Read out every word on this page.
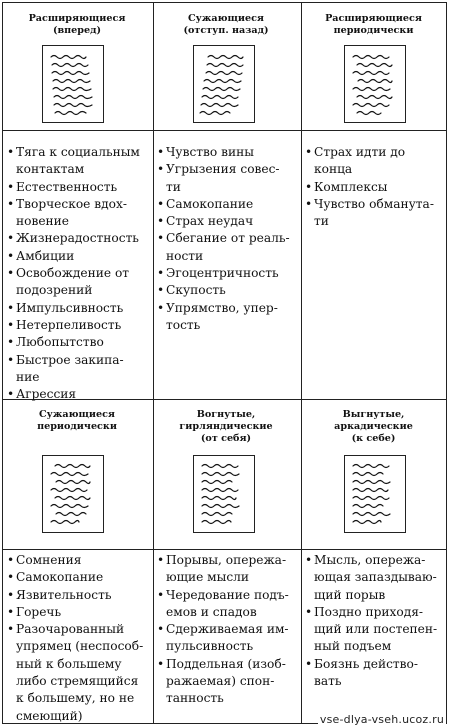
Расширяющиеся
(вперед)
Сужающиеся
(отступ. назад)
Расширяющиеся
периодически
• Тяга к социальным
контактам
• Естественность
• Творческое вдох-
новение
• Жизнерадостность
• Амбиции
• Освобождение от
подозрений
• Импульсивность
• Нетерпеливость
• Любопытство
• Быстрое закипа-
ние
• Агрессия
• Чувство вины
• Угрызения совес-
ти
• Самокопание
• Страх неудач
• Сбегание от реаль-
ности
• Эгоцентричность
• Скупость
• Упрямство, упер-
тость
• Страх идти до
конца
• Комплексы
• Чувство обманута-
ти
Сужающиеся
периодически
Вогнутые,
гирляндические
(от себя)
Выгнутые,
аркадические
(к себе)
• Сомнения
• Самокопание
• Язвительность
• Горечь
• Разочарованный
упрямец (неспособ-
ный к большему
либо стремящийся
к большему, но не
смеющий)
• Порывы, опережа-
ющие мысли
• Чередование подъ-
емов и спадов
• Сдерживаемая им-
пульсивность
• Поддельная (изоб-
ражаемая) спон-
танность
• Мысль, опережа-
ющая запаздываю-
щий порыв
• Поздно приходя-
щий или постепен-
ный подъем
• Боязнь действо-
вать
vse-dlya-vseh.ucoz.ru
